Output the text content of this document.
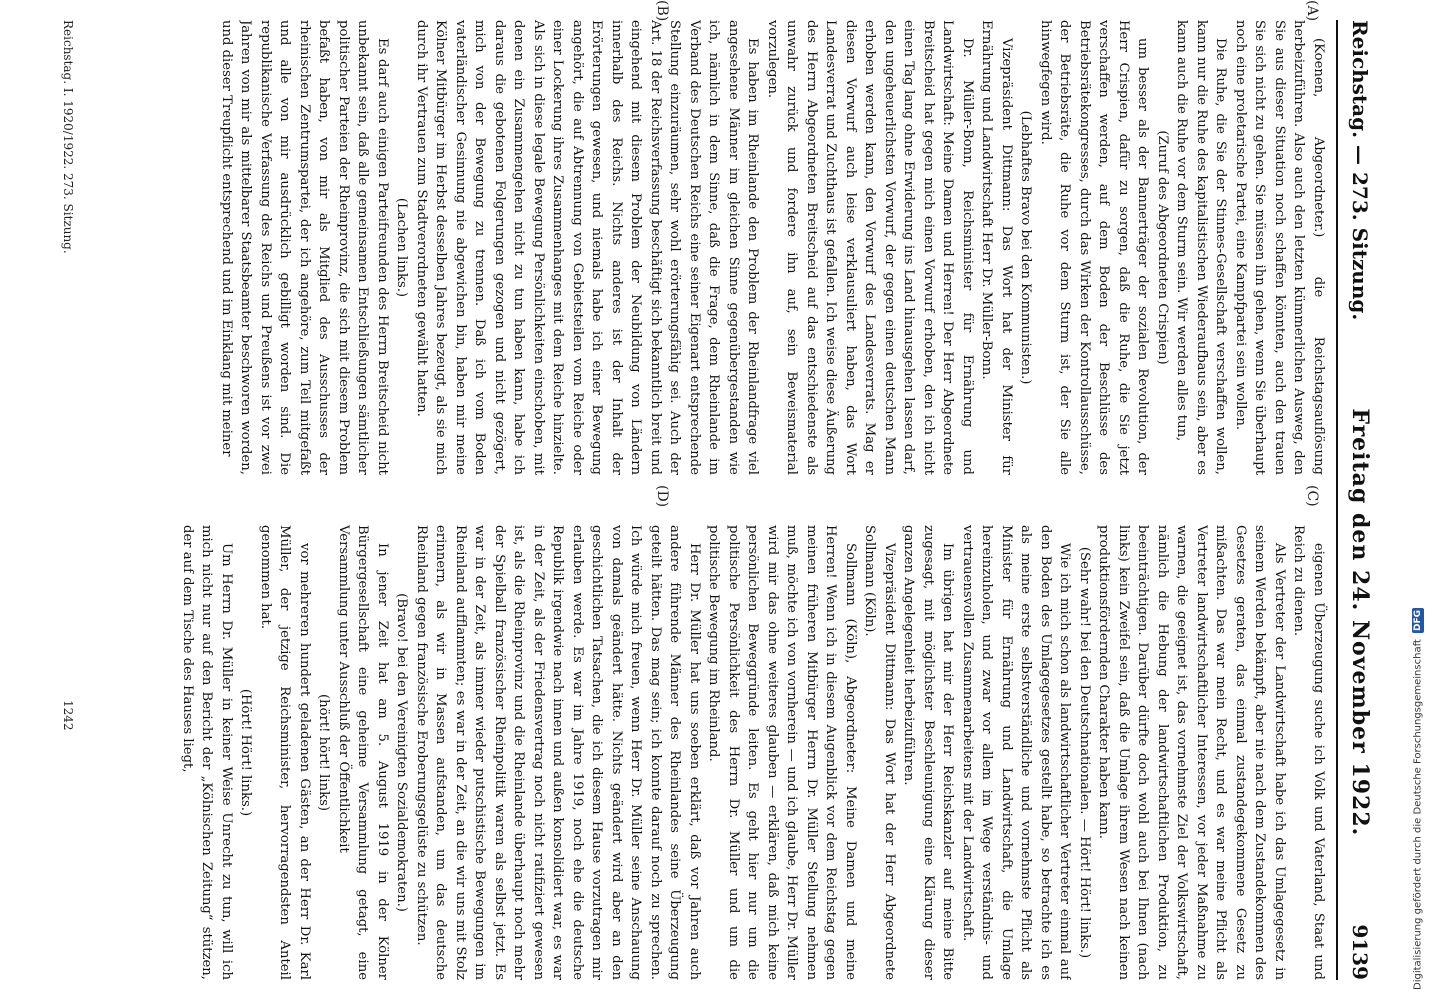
Reichstag. — 273. Sitzung.
Freitag den 24. November 1922.
9139
(A)
(B)
(C)
(D)

(Koenen, Abgeordneter.) die Reichstagsauflösung herbeizuführen. Also auch den letzten kümmerlichen Ausweg, den Sie aus dieser Situation noch schaffen könnten, auch den trauen Sie sich nicht zu gehen. Sie müssen ihn gehen, wenn Sie überhaupt noch eine proletarische Partei, eine Kampfpartei sein wollen.

Die Ruhe, die Sie der Stinnes-Gesellschaft verschaffen wollen, kann nur die Ruhe des kapitalistischen Wiederaufbaus sein, aber es kann auch die Ruhe vor dem Sturm sein. Wir werden alles tun,

(Zuruf des Abgeordneten Crispien)

um besser als der Bannerträger der sozialen Revolution, der Herr Crispien, dafür zu sorgen, daß die Ruhe, die Sie jetzt verschaffen werden, auf dem Boden der Beschlüsse des Betriebsrätekongresses, durch das Wirken der Kontrollausschüsse, der Betriebsräte, die Ruhe vor dem Sturm ist, der Sie alle hinwegfegen wird.

(Lebhaftes Bravo bei den Kommunisten.)

Vizepräsident Dittmann: Das Wort hat der Minister für Ernährung und Landwirtschaft Herr Dr. Müller-Bonn.

Dr. Müller-Bonn, Reichsminister für Ernährung und Landwirtschaft: Meine Damen und Herren! Der Herr Abgeordnete Breitscheid hat gegen mich einen Vorwurf erhoben, den ich nicht einen Tag lang ohne Erwiderung ins Land hinausgehen lassen darf, den ungeheuerlichsten Vorwurf, der gegen einen deutschen Mann erhoben werden kann, den Vorwurf des Landesverrats. Mag er diesen Vorwurf auch leise verklausuliert haben, das Wort Landesverrat und Zuchthaus ist gefallen. Ich weise diese Äußerung des Herrn Abgeordneten Breitscheid auf das entschiedenste als unwahr zurück und fordere ihn auf, sein Beweismaterial vorzulegen.

Es haben im Rheinlande den Problem der Rheinlandfrage viel angesehene Männer im gleichen Sinne gegenübergestanden wie ich, nämlich in dem Sinne, daß die Frage, dem Rheinlande im Verband des Deutschen Reichs eine seiner Eigenart entsprechende Stellung einzuräumen, sehr wohl erörterungsfähig sei. Auch der Art. 18 der Reichsverfassung beschäftigt sich bekanntlich breit und eingehend mit diesem Problem der Neubildung von Ländern innerhalb des Reichs. Nichts anderes ist der Inhalt der Erörterungen gewesen, und niemals habe ich einer Bewegung angehört, die auf Abtrennung von Gebietsteilen vom Reiche oder einer Lockerung ihres Zusammenhanges mit dem Reiche hinzielte. Als sich in diese legale Bewegung Persönlichkeiten einschoben, mit denen ein Zusammengehen nicht zu tun haben kann, habe ich daraus die gebotenen Folgerungen gezogen und nicht gezögert, mich von der Bewegung zu trennen. Daß ich vom Boden vaterländischer Gesinnung nie abgewichen bin, haben mir meine Kölner Mitbürger im Herbst desselben Jahres bezeugt, als sie mich durch ihr Vertrauen zum Stadtverordneten gewählt hatten.

(Lachen links.)

Es darf auch einigen Parteifreunden des Herrn Breitscheid nicht unbekannt sein, daß alle gemeinsamen Entschließungen sämtlicher politischer Parteien der Rheinprovinz, die sich mit diesem Problem befaßt haben, von mir als Mitglied des Ausschusses der rheinischen Zentrumspartei, der ich angehöre, zum Teil mitgefaßt und alle von mir ausdrücklich gebilligt worden sind. Die republikanische Verfassung des Reichs und Preußens ist vor zwei Jahren von mir als mittelbarer Staatsbeamter beschworen worden, und dieser Treupflicht entsprechend und im Einklang mit meiner

eigenen Überzeugung suche ich Volk und Vaterland, Staat und Reich zu dienen.

Als Vertreter der Landwirtschaft habe ich das Umlagegesetz in seinem Werden bekämpft, aber nie nach dem Zustandekommen des Gesetzes geraten, das einmal zustandegekommene Gesetz zu mißachten. Das war mein Recht, und es war meine Pflicht als Vertreter landwirtschaftlicher Interessen, vor jeder Maßnahme zu warnen, die geeignet ist, das vornehmste Ziel der Volkswirtschaft, nämlich die Hebung der landwirtschaftlichen Produktion, zu beeinträchtigen. Darüber dürfte doch wohl auch bei Ihnen (nach links) kein Zweifel sein, daß die Umlage ihrem Wesen nach keinen produktionsfördernden Charakter haben kann.

(Sehr wahr! bei den Deutschnationalen. — Hört! Hört! links.)

Wie ich mich schon als landwirtschaftlicher Vertreter einmal auf den Boden des Umlagegesetzes gestellt habe, so betrachte ich es als meine erste selbstverständliche und vornehmste Pflicht als Minister für Ernährung und Landwirtschaft, die Umlage hereinzuholen, und zwar vor allem im Wege verständnis- und vertrauensvollen Zusammenarbeitens mit der Landwirtschaft.

Im übrigen hat mir der Herr Reichskanzler auf meine Bitte zugesagt, mit möglichster Beschleunigung eine Klärung dieser ganzen Angelegenheit herbeizuführen.

Vizepräsident Dittmann: Das Wort hat der Herr Abgeordnete Sollmann (Köln).

Sollmann (Köln), Abgeordneter: Meine Damen und meine Herren! Wenn ich in diesem Augenblick vor dem Reichstag gegen meinen früheren Mitbürger Herrn Dr. Müller Stellung nehmen muß, möchte ich von vornherein — und ich glaube, Herr Dr. Müller wird mir das ohne weiteres glauben — erklären, daß mich keine persönlichen Beweggründe leiten. Es geht hier nur um die politische Persönlichkeit des Herrn Dr. Müller und um die politische Bewegung im Rheinland.

Herr Dr. Müller hat uns soeben erklärt, daß vor Jahren auch andere führende Männer des Rheinlandes seine Überzeugung geteilt hätten. Das mag sein; ich konnte darauf noch zu sprechen. Ich würde mich freuen, wenn Herr Dr. Müller seine Anschauung von damals geändert hätte. Nichts geändert wird aber an den geschichtlichen Tatsachen, die ich diesem Hause vorzutragen mir erlauben werde. Es war im Jahre 1919, noch ehe die deutsche Republik irgendwie nach innen und außen konsolidiert war, es war in der Zeit, als der Friedensvertrag noch nicht ratifiziert gewesen ist, als die Rheinprovinz und die Rheinlande überhaupt noch mehr der Spielball französischer Rheinpolitik waren als selbst jetzt. Es war in der Zeit, als immer wieder putschistische Bewegungen im Rheinland aufflammten; es war in der Zeit, an die wir uns mit Stolz erinnern, als wir in Massen aufstanden, um das deutsche Rheinland gegen französische Eroberungsgelüste zu schützen.

(Bravo! bei den Vereinigten Sozialdemokraten.)

In jener Zeit hat am 5. August 1919 in der Kölner Bürgergesellschaft eine geheime Versammlung getagt, eine Versammlung unter Ausschluß der Öffentlichkeit

(hört! hört! links)

vor mehreren hundert geladenen Gästen, an der Herr Dr. Karl Müller, der jetzige Reichsminister, hervorragendsten Anteil genommen hat.

(Hört! Hört! links.)

Um Herrn Dr. Müller in keiner Weise Unrecht zu tun, will ich mich nicht nur auf den Bericht der „Kölnischen Zeitung“ stützen, der auf dem Tische des Hauses liegt,

Reichstag. I. 1920/1922. 273. Sitzung.
1242	Digitalisierung gefördert durch die Deutsche Forschungsgemeinschaft
DFG
